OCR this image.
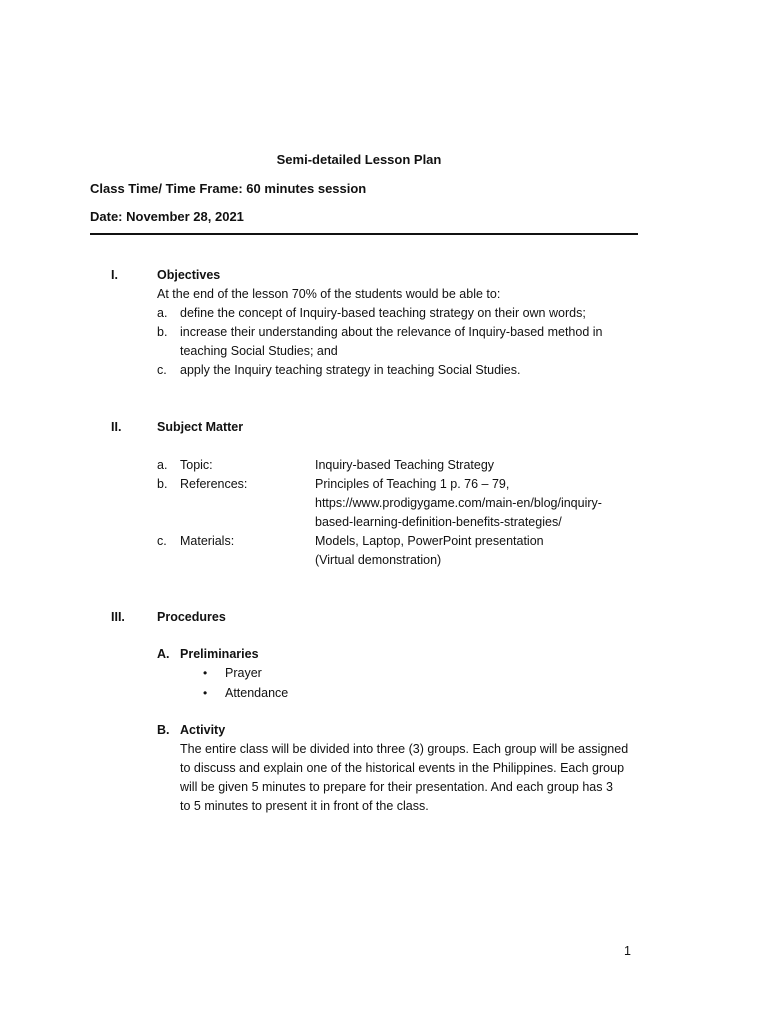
Semi-detailed Lesson Plan
Class Time/ Time Frame: 60 minutes session
Date: November 28, 2021
I.	Objectives
At the end of the lesson 70% of the students would be able to:
a. define the concept of Inquiry-based teaching strategy on their own words;
b. increase their understanding about the relevance of Inquiry-based method in
teaching Social Studies; and
c. apply the Inquiry teaching strategy in teaching Social Studies.
II.	Subject Matter
a. Topic:	Inquiry-based Teaching Strategy
b. References:	Principles of Teaching 1 p. 76 – 79,
https://www.prodigygame.com/main-en/blog/inquiry-
based-learning-definition-benefits-strategies/
c. Materials:	Models, Laptop, PowerPoint presentation
(Virtual demonstration)
III.	Procedures
A. Preliminaries
• Prayer
• Attendance
B. Activity
The entire class will be divided into three (3) groups. Each group will be assigned
to discuss and explain one of the historical events in the Philippines. Each group
will be given 5 minutes to prepare for their presentation. And each group has 3
to 5 minutes to present it in front of the class.
1
